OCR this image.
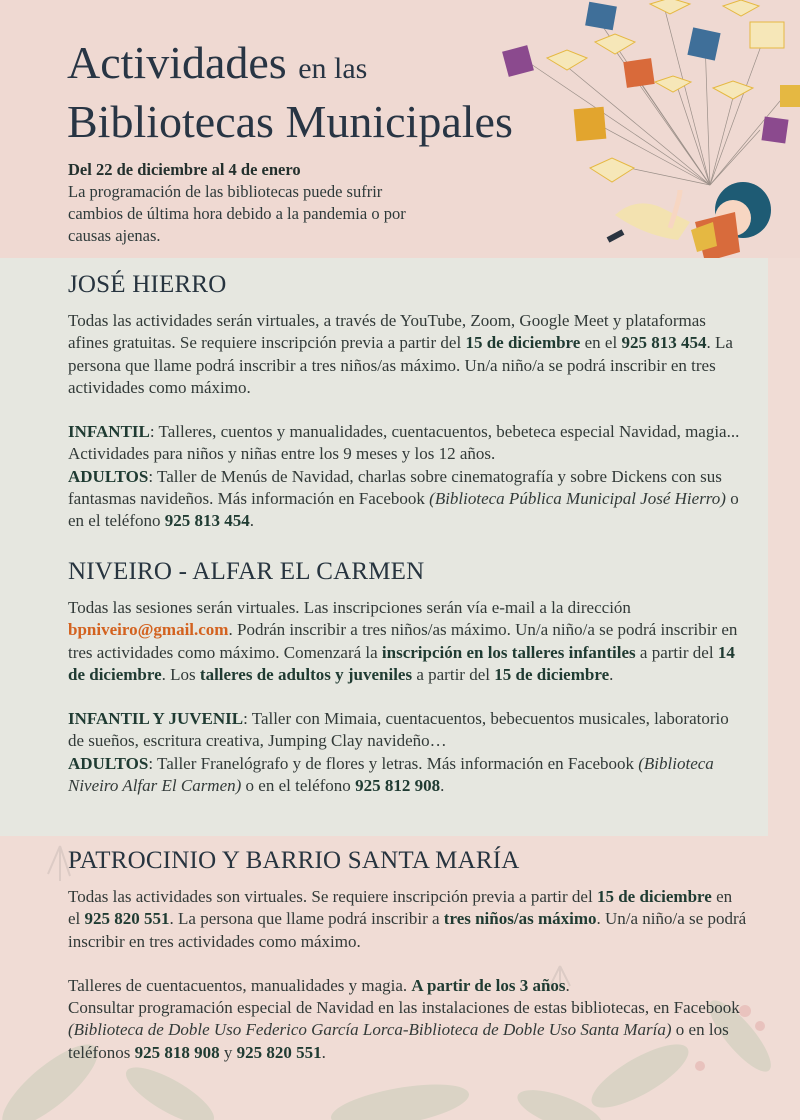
Actividades en las
Bibliotecas Municipales
Del 22 de diciembre al 4 de enero
La programación de las bibliotecas puede sufrir cambios de última hora debido a la pandemia o por causas ajenas.
JOSÉ HIERRO

Todas las actividades serán virtuales, a través de YouTube, Zoom, Google Meet y plataformas afines gratuitas. Se requiere inscripción previa a partir del 15 de diciembre en el 925 813 454. La persona que llame podrá inscribir a tres niños/as máximo. Un/a niño/a se podrá inscribir en tres actividades como máximo.

INFANTIL: Talleres, cuentos y manualidades, cuentacuentos, bebeteca especial Navidad, magia... Actividades para niños y niñas entre los 9 meses y los 12 años.
ADULTOS: Taller de Menús de Navidad, charlas sobre cinematografía y sobre Dickens con sus fantasmas navideños. Más información en Facebook (Biblioteca Pública Municipal José Hierro) o en el teléfono 925 813 454.

NIVEIRO - ALFAR EL CARMEN

Todas las sesiones serán virtuales. Las inscripciones serán vía e-mail a la dirección bpniveiro@gmail.com. Podrán inscribir a tres niños/as máximo. Un/a niño/a se podrá inscribir en tres actividades como máximo. Comenzará la inscripción en los talleres infantiles a partir del 14 de diciembre. Los talleres de adultos y juveniles a partir del 15 de diciembre.

INFANTIL Y JUVENIL: Taller con Mimaia, cuentacuentos, bebecuentos musicales, laboratorio de sueños, escritura creativa, Jumping Clay navideño…
ADULTOS: Taller Franelógrafo y de flores y letras. Más información en Facebook (Biblioteca Niveiro Alfar El Carmen) o en el teléfono 925 812 908.

PATROCINIO Y BARRIO SANTA MARÍA

Todas las actividades son virtuales. Se requiere inscripción previa a partir del 15 de diciembre en el 925 820 551. La persona que llame podrá inscribir a tres niños/as máximo. Un/a niño/a se podrá inscribir en tres actividades como máximo.

Talleres de cuentacuentos, manualidades y magia. A partir de los 3 años.
Consultar programación especial de Navidad en las instalaciones de estas bibliotecas, en Facebook (Biblioteca de Doble Uso Federico García Lorca-Biblioteca de Doble Uso Santa María) o en los teléfonos 925 818 908 y 925 820 551.
